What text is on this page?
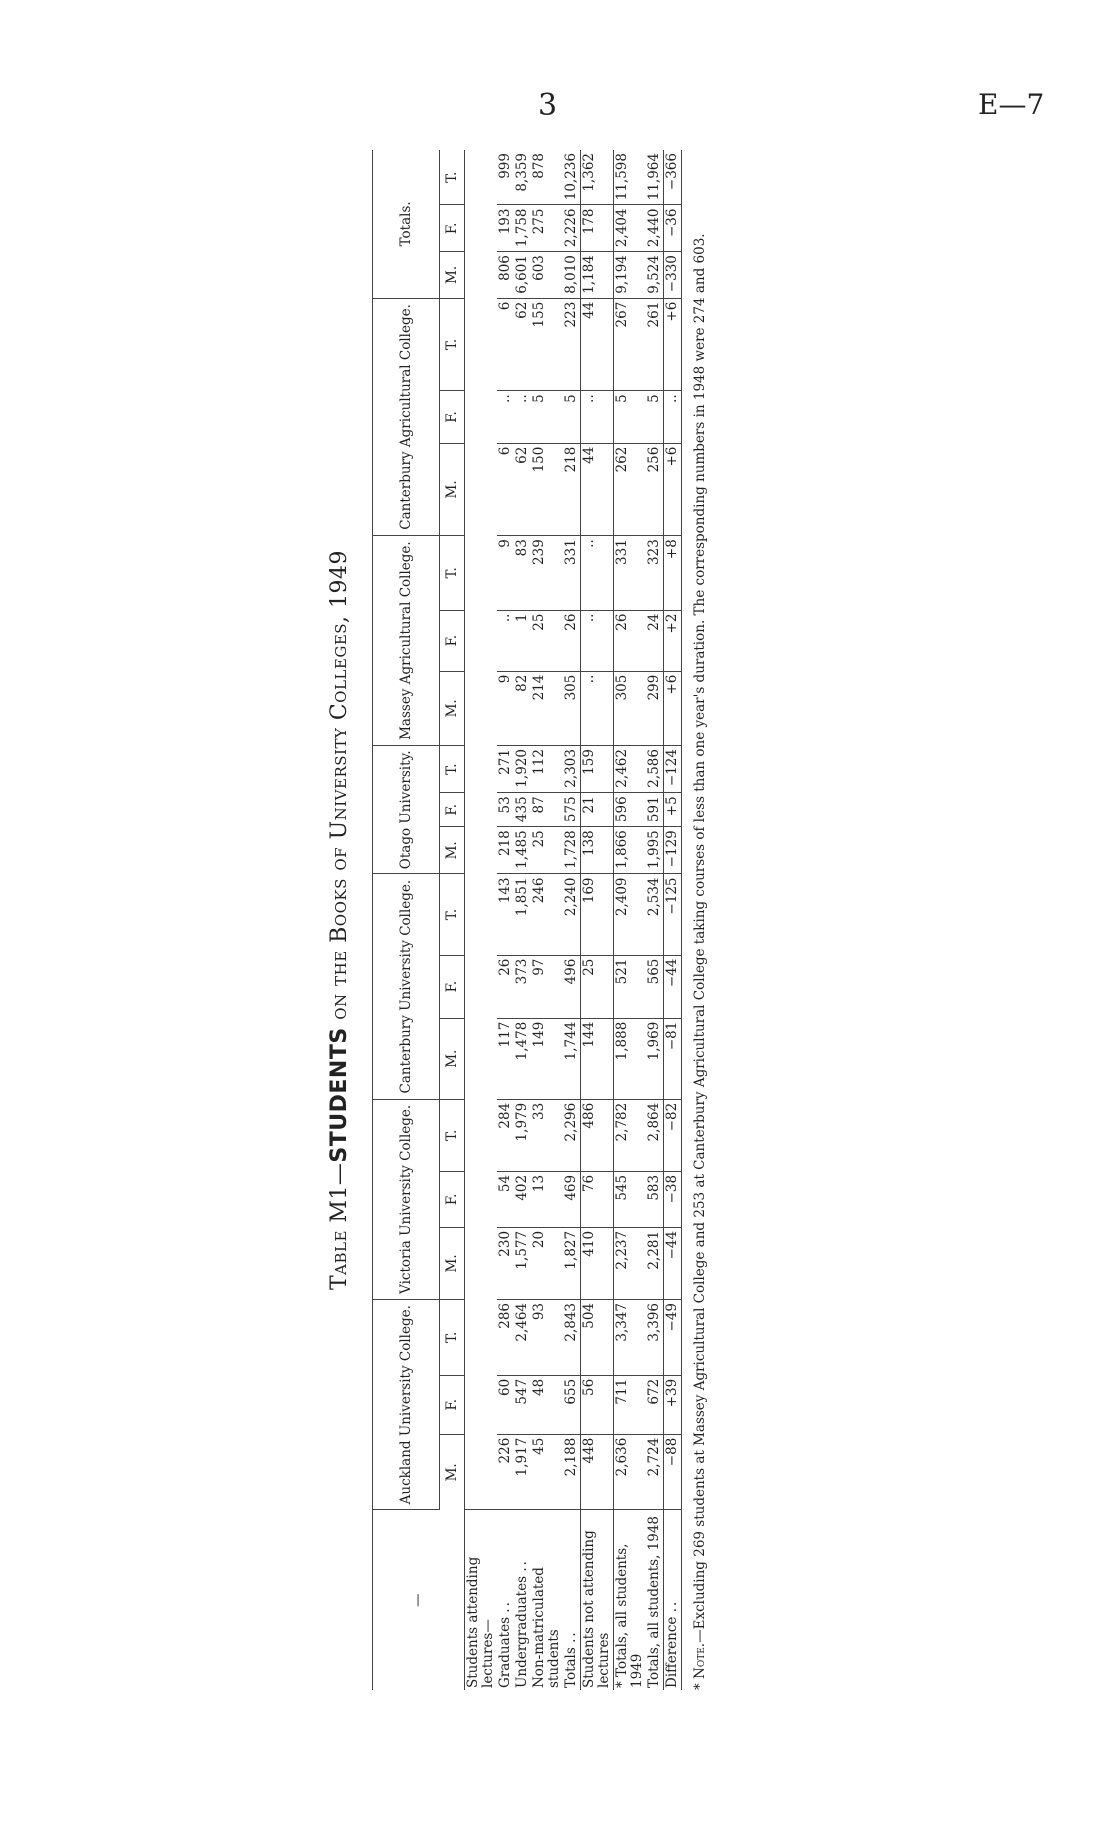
3	E—7
Table M1—STUDENTS on the Books of University Colleges, 1949
—	Auckland University College.			Victoria University College.			Canterbury University College.			Otago University.			Massey Agricultural College.			Canterbury Agricultural College.			Totals.		
	M.	F.	T.	M.	F.	T.	M.	F.	T.	M.	F.	T.	M.	F.	T.	M.	F.	T.	M.	F.	T.
Students attending lectures—																					
Graduates ..	226	60	286	230	54	284	117	26	143	218	53	271	9	..	9	6	..	6	806	193	999
Undergraduates ..	1,917	547	2,464	1,577	402	1,979	1,478	373	1,851	1,485	435	1,920	82	1	83	62	..	62	6,601	1,758	8,359
Non-matriculated students	45	48	93	20	13	33	149	97	246	25	87	112	214	25	239	150	5	155	603	275	878
Totals ..	2,188	655	2,843	1,827	469	2,296	1,744	496	2,240	1,728	575	2,303	305	26	331	218	5	223	8,010	2,226	10,236
Students not attending lectures	448	56	504	410	76	486	144	25	169	138	21	159	..	..	..	44	..	44	1,184	178	1,362
* Totals, all students, 1949	2,636	711	3,347	2,237	545	2,782	1,888	521	2,409	1,866	596	2,462	305	26	331	262	5	267	9,194	2,404	11,598
Totals, all students, 1948	2,724	672	3,396	2,281	583	2,864	1,969	565	2,534	1,995	591	2,586	299	24	323	256	5	261	9,524	2,440	11,964
Difference ..	−88	+39	−49	−44	−38	−82	−81	−44	−125	−129	+5	−124	+6	+2	+8	+6	..	+6	−330	−36	−366
* Note.—Excluding 269 students at Massey Agricultural College and 253 at Canterbury Agricultural College taking courses of less than one year's duration. The corresponding numbers in 1948 were 274 and 603.
